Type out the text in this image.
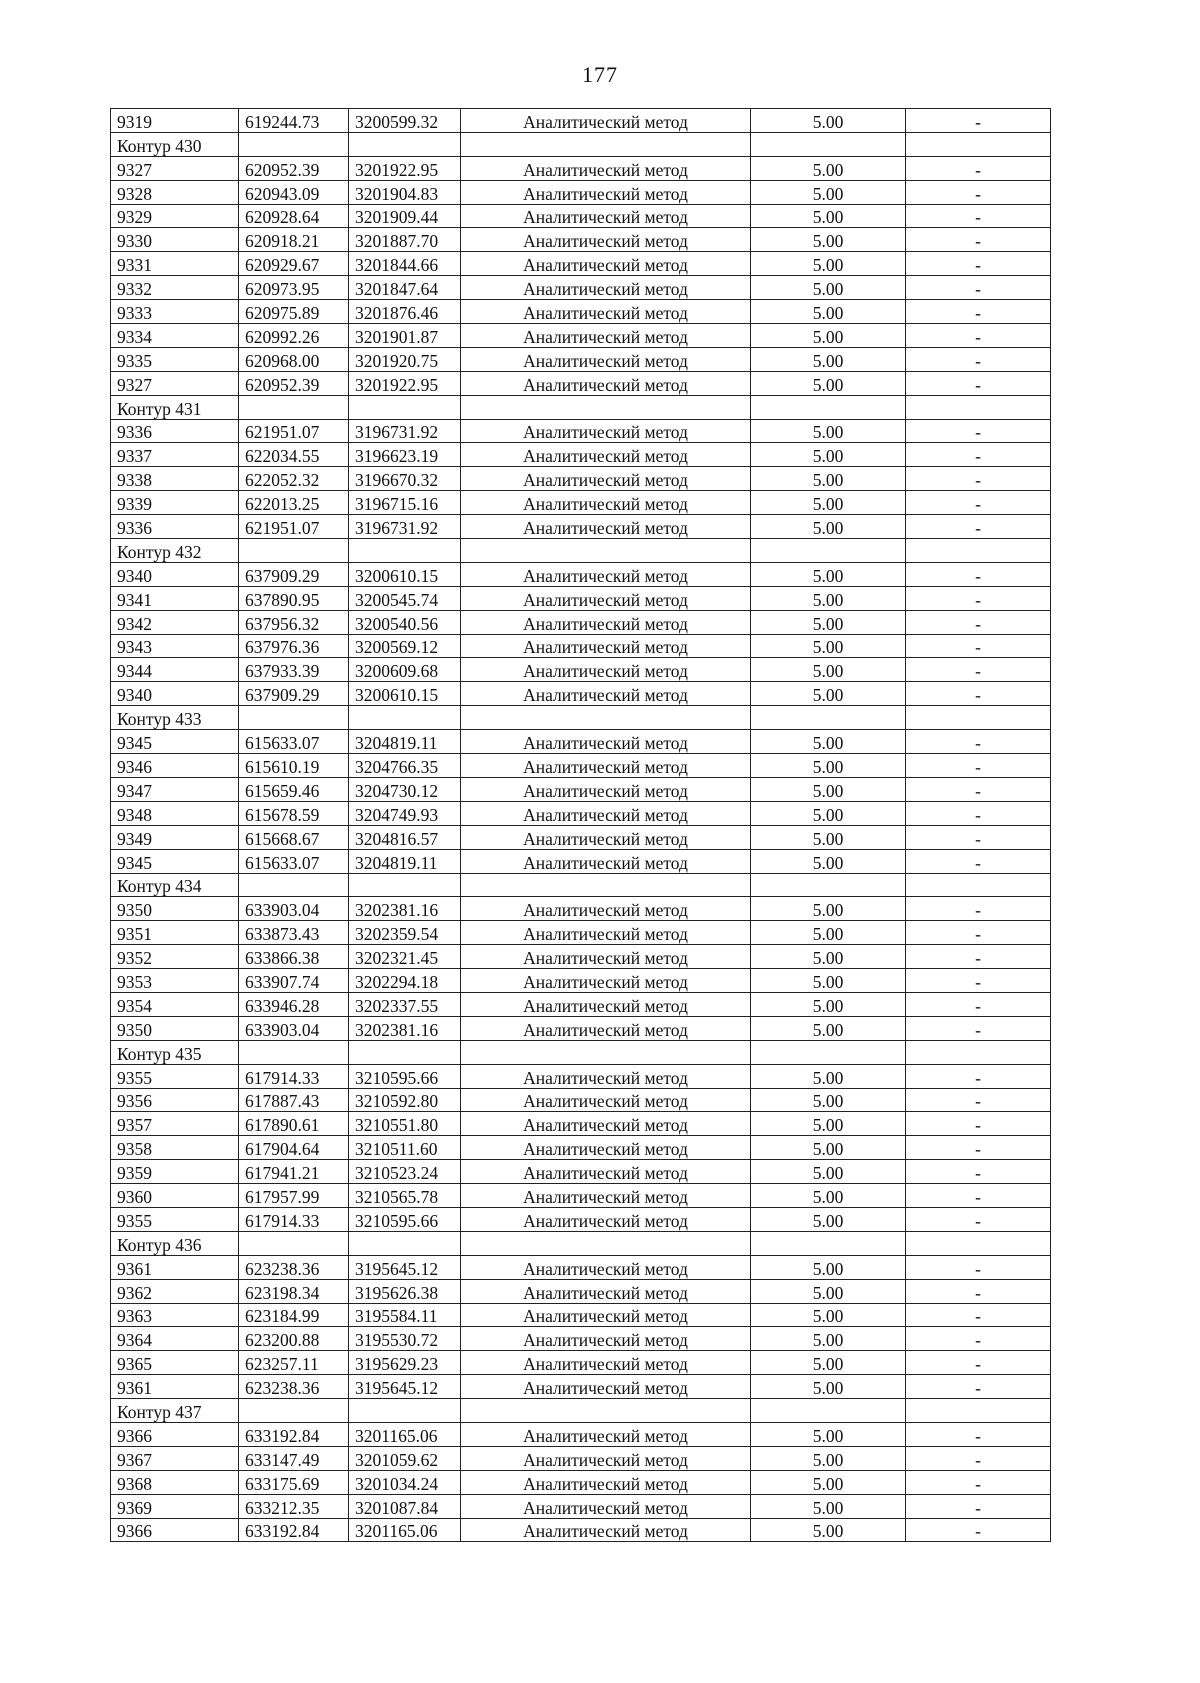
177
9319	619244.73	3200599.32	Аналитический метод	5.00	-
Контур 430					
9327	620952.39	3201922.95	Аналитический метод	5.00	-
9328	620943.09	3201904.83	Аналитический метод	5.00	-
9329	620928.64	3201909.44	Аналитический метод	5.00	-
9330	620918.21	3201887.70	Аналитический метод	5.00	-
9331	620929.67	3201844.66	Аналитический метод	5.00	-
9332	620973.95	3201847.64	Аналитический метод	5.00	-
9333	620975.89	3201876.46	Аналитический метод	5.00	-
9334	620992.26	3201901.87	Аналитический метод	5.00	-
9335	620968.00	3201920.75	Аналитический метод	5.00	-
9327	620952.39	3201922.95	Аналитический метод	5.00	-
Контур 431					
9336	621951.07	3196731.92	Аналитический метод	5.00	-
9337	622034.55	3196623.19	Аналитический метод	5.00	-
9338	622052.32	3196670.32	Аналитический метод	5.00	-
9339	622013.25	3196715.16	Аналитический метод	5.00	-
9336	621951.07	3196731.92	Аналитический метод	5.00	-
Контур 432					
9340	637909.29	3200610.15	Аналитический метод	5.00	-
9341	637890.95	3200545.74	Аналитический метод	5.00	-
9342	637956.32	3200540.56	Аналитический метод	5.00	-
9343	637976.36	3200569.12	Аналитический метод	5.00	-
9344	637933.39	3200609.68	Аналитический метод	5.00	-
9340	637909.29	3200610.15	Аналитический метод	5.00	-
Контур 433					
9345	615633.07	3204819.11	Аналитический метод	5.00	-
9346	615610.19	3204766.35	Аналитический метод	5.00	-
9347	615659.46	3204730.12	Аналитический метод	5.00	-
9348	615678.59	3204749.93	Аналитический метод	5.00	-
9349	615668.67	3204816.57	Аналитический метод	5.00	-
9345	615633.07	3204819.11	Аналитический метод	5.00	-
Контур 434					
9350	633903.04	3202381.16	Аналитический метод	5.00	-
9351	633873.43	3202359.54	Аналитический метод	5.00	-
9352	633866.38	3202321.45	Аналитический метод	5.00	-
9353	633907.74	3202294.18	Аналитический метод	5.00	-
9354	633946.28	3202337.55	Аналитический метод	5.00	-
9350	633903.04	3202381.16	Аналитический метод	5.00	-
Контур 435					
9355	617914.33	3210595.66	Аналитический метод	5.00	-
9356	617887.43	3210592.80	Аналитический метод	5.00	-
9357	617890.61	3210551.80	Аналитический метод	5.00	-
9358	617904.64	3210511.60	Аналитический метод	5.00	-
9359	617941.21	3210523.24	Аналитический метод	5.00	-
9360	617957.99	3210565.78	Аналитический метод	5.00	-
9355	617914.33	3210595.66	Аналитический метод	5.00	-
Контур 436					
9361	623238.36	3195645.12	Аналитический метод	5.00	-
9362	623198.34	3195626.38	Аналитический метод	5.00	-
9363	623184.99	3195584.11	Аналитический метод	5.00	-
9364	623200.88	3195530.72	Аналитический метод	5.00	-
9365	623257.11	3195629.23	Аналитический метод	5.00	-
9361	623238.36	3195645.12	Аналитический метод	5.00	-
Контур 437					
9366	633192.84	3201165.06	Аналитический метод	5.00	-
9367	633147.49	3201059.62	Аналитический метод	5.00	-
9368	633175.69	3201034.24	Аналитический метод	5.00	-
9369	633212.35	3201087.84	Аналитический метод	5.00	-
9366	633192.84	3201165.06	Аналитический метод	5.00	-
